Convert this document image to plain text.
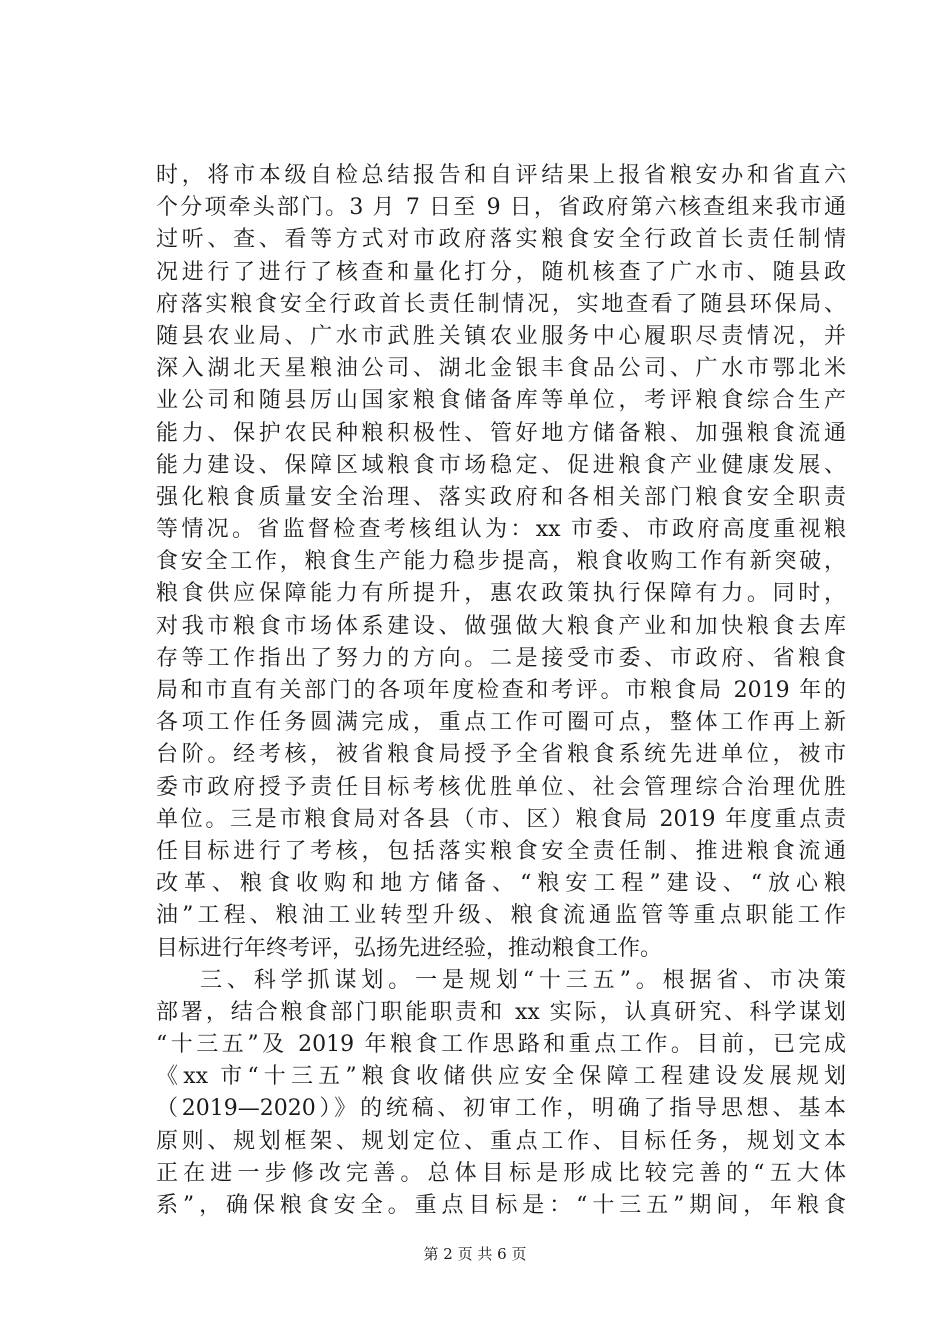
时，将市本级自检总结报告和自评结果上报省粮安办和省直六
个分项牵头部门。3 月 7 日至 9 日，省政府第六核查组来我市通
过听、查、看等方式对市政府落实粮食安全行政首长责任制情
况进行了进行了核查和量化打分，随机核查了广水市、随县政
府落实粮食安全行政首长责任制情况，实地查看了随县环保局、
随县农业局、广水市武胜关镇农业服务中心履职尽责情况，并
深入湖北天星粮油公司、湖北金银丰食品公司、广水市鄂北米
业公司和随县厉山国家粮食储备库等单位，考评粮食综合生产
能力、保护农民种粮积极性、管好地方储备粮、加强粮食流通
能力建设、保障区域粮食市场稳定、促进粮食产业健康发展、
强化粮食质量安全治理、落实政府和各相关部门粮食安全职责
等情况。省监督检查考核组认为：xx 市委、市政府高度重视粮
食安全工作，粮食生产能力稳步提高，粮食收购工作有新突破，
粮食供应保障能力有所提升，惠农政策执行保障有力。同时，
对我市粮食市场体系建设、做强做大粮食产业和加快粮食去库
存等工作指出了努力的方向。二是接受市委、市政府、省粮食
局和市直有关部门的各项年度检查和考评。市粮食局 2019 年的
各项工作任务圆满完成，重点工作可圈可点，整体工作再上新
台阶。经考核，被省粮食局授予全省粮食系统先进单位，被市
委市政府授予责任目标考核优胜单位、社会管理综合治理优胜
单位。三是市粮食局对各县（市、区）粮食局 2019 年度重点责
任目标进行了考核，包括落实粮食安全责任制、推进粮食流通
改革、粮食收购和地方储备、“粮安工程”建设、“放心粮
油”工程、粮油工业转型升级、粮食流通监管等重点职能工作
目标进行年终考评，弘扬先进经验，推动粮食工作。
三、科学抓谋划。一是规划“十三五”。根据省、市决策
部署，结合粮食部门职能职责和 xx 实际，认真研究、科学谋划
“十三五”及 2019 年粮食工作思路和重点工作。目前，已完成
《xx 市“十三五”粮食收储供应安全保障工程建设发展规划
（2019—2020）》的统稿、初审工作，明确了指导思想、基本
原则、规划框架、规划定位、重点工作、目标任务，规划文本
正在进一步修改完善。总体目标是形成比较完善的“五大体
系”，确保粮食安全。重点目标是：“十三五”期间，年粮食
第 2 页 共 6 页
